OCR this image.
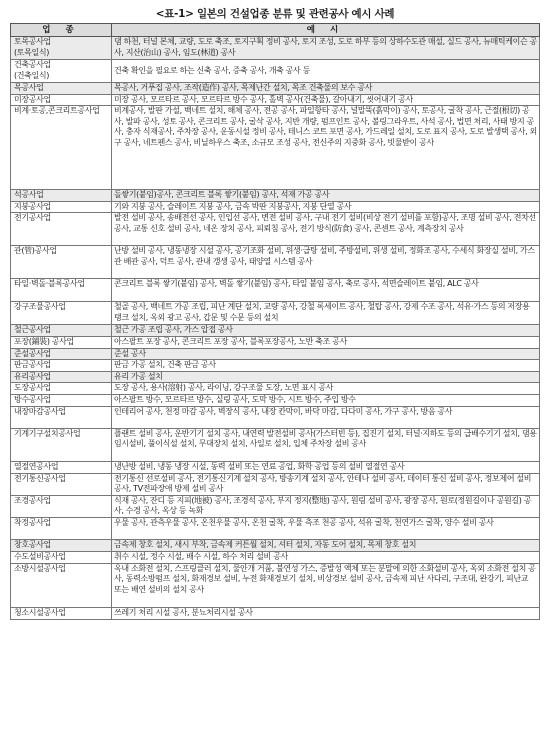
<표-1> 일본의 건설업종 분류 및 관련공사 예시 사례
업 종	예 시

토목공사업
(토목일식)	댐 하천, 터널 본체, 교량, 도로 축조, 토지구획 정비 공사, 토지 조성, 도로 하부 등의 상하수도관 매설, 실드 공사, 뉴매틱케이슨 공사, 지산(治山) 공사, 임도(林道) 공사

건축공사업
(건축일식)	건축 확인을 필요로 하는 신축 공사, 증축 공사, 개축 공사 등

목공사업	목공사, 거푸집 공사, 조작(造作) 공사, 목제난간 설치, 목조 건축물의 보수 공사

미장공사업	미장 공사, 모르타르 공사, 모르타르 방수 공사, 홀벽 공사(건축물), 갈아내기, 씻어내기 공사

비계·토공,콘크리트공사업	비계공사, 발판 가설, 백네트 설치, 해체 공사, 전공 공사, 파일항타 공사, 널말뚝(흙막이) 공사, 토공사, 굴착 공사, 근절(根切) 공사, 발파 공사, 성토 공사, 콘크리트 공사, 굴삭 공사, 지반 개량, 펌프인트 공사, 볼링그라우트, 사석 공사, 법면 처리, 사태 방지 공사, 충자 식재공사, 주차장 공사, 운동시설 정비 공사, 테니스 코트 포면 공사, 가드레일 설치, 도로 표지 공사, 도로 발생택 공사, 외구 공사, 네트펜스 공사, 비닐하우스 축조, 소규모 조성 공사, 전신주의 지중화 공사, 빗물받이 공사

석공사업	돌쌓기(붙임)공사, 콘크리트 블록 쌓기(붙임) 공사, 석재 가공 공사

지붕공사업	기와 지붕 공사, 슬레이트 지붕 공사, 금속 박판 지붕공사, 지붕 단열 공사

전기공사업	발전 설비 공사, 송배전선 공사, 인입선 공사, 변전 설비 공사, 구내 전기 설비(비상 전기 설비를 포함)공사, 조명 설비 공사, 전차선 공사, 교통 신호 설비 공사, 네온 장치 공사, 피뢰침 공사, 전기 방식(防食) 공사, 콘센트 공사, 계측장치 공사

관(管)공사업	난방 설비 공사, 냉동냉장 시설 공사, 공기조화 설비, 위생·급탕 설비, 주방설비, 위생 설비, 정화조 공사, 수세식 화장실 설비, 가스관 배관 공사, 덕트 공사, 관내 갱생 공사, 태양열 시스템 공사

타일·벽돌·블록공사업	콘크리트 블록 쌓기(붙임) 공사, 벽돌 쌓기(붙임) 공사, 타일 붙임 공사, 축로 공사, 석면슬레이트 붙임, ALC 공사

강구조물공사업	철골 공사, 백네트 가공 조립, 피난 계단 설치, 교량 공사, 강철 록세이트 공사, 철탑 공사, 강제 수조 공사, 석유·가스 등의 저장용 탱크 설치, 옥외 광고 공사, 갑문 및 수문 등의 설치

철근공사업	철근 가공 조립 공사, 가스 압접 공사

포장(鋪裝) 공사업	아스팔트 포장 공사, 콘크리트 포장 공사, 블록포장공사, 노반 축조 공사

준설공사업	준설 공사

판금공사업	판금 가공 설치, 건축 판금 공사

유리공사업	유리 가공 설치

도장공사업	도장 공사, 용사(溶射) 공사, 라이닝, 강구조물 도장, 노면 표시 공사

방수공사업	아스팔트 방수, 모르타르 방수, 실링 공사, 도막 방수, 시트 방수, 주입 방수

내장마감공사업	인테리어 공사, 천정 마감 공사, 벽장식 공사, 내장 칸막이, 바닥 마감, 다다미 공사, 가구 공사, 방음 공사

기계기구설치공사업	플랜트 설비 공사, 운반기기 설치 공사, 내연력 발전설비 공사(가스터빈 등), 집진기 설치, 터널·지하도 등의 급배수기기 설치, 댐용 임시설비, 풀이식설 설치, 무대장치 설치, 사일로 설치, 입체 주차장 설비 공사

열절연공사업	냉난방 설비, 냉동 냉장 시설, 동력 설비 또는 연료 공업, 화학 공업 등의 설비 열절연 공사

전기통신공사업	전기통신 선로설비 공사, 전기통신기계 설치 공사, 방송기계 설치 공사, 안테나 설비 공사, 데이터 통신 설비 공사, 정보제어 설비 공사, TV전파장애 방제 설비 공사

조경공사업	식재 공사, 잔디 등 지피(地被) 공사, 조경석 공사, 부지 정지(整地) 공사, 원림 설비 공사, 광장 공사, 원로(정원길이나 공원길) 공사, 수경 공사, 옥상 등 녹화

착정공사업	우물 공사, 관측우물 공사, 온천우물 공사, 온천 굴착, 우물 측조 천공 공사, 석유 굴착, 천연가스 굴착, 양수 설비 공사

창호공사업	금속제 창호 설치, 새시 부착, 금속제 커튼월 설치, 셔터 설치, 자동 도어 설치, 목제 창호 설치

수도설비공사업	취수 시설, 정수 시설, 배수 시설, 하수 처리 설비 공사

소방시설공사업	옥내 소화전 설치, 스프링클러 설치, 물안개 거품, 불연성 가스, 증발성 액체 또는 분말에 의한 소화설비 공사, 옥외 소화전 설치 공사, 동력소방펌프 설치, 화재경보 설비, 누전 화재경보기 설치, 비상경보 설비 공사, 금속제 피난 사다리, 구조대, 완강기, 피난교 또는 배연 설비의 설치 공사

청소시설공사업	쓰레기 처리 시설 공사, 분뇨처리시설 공사
